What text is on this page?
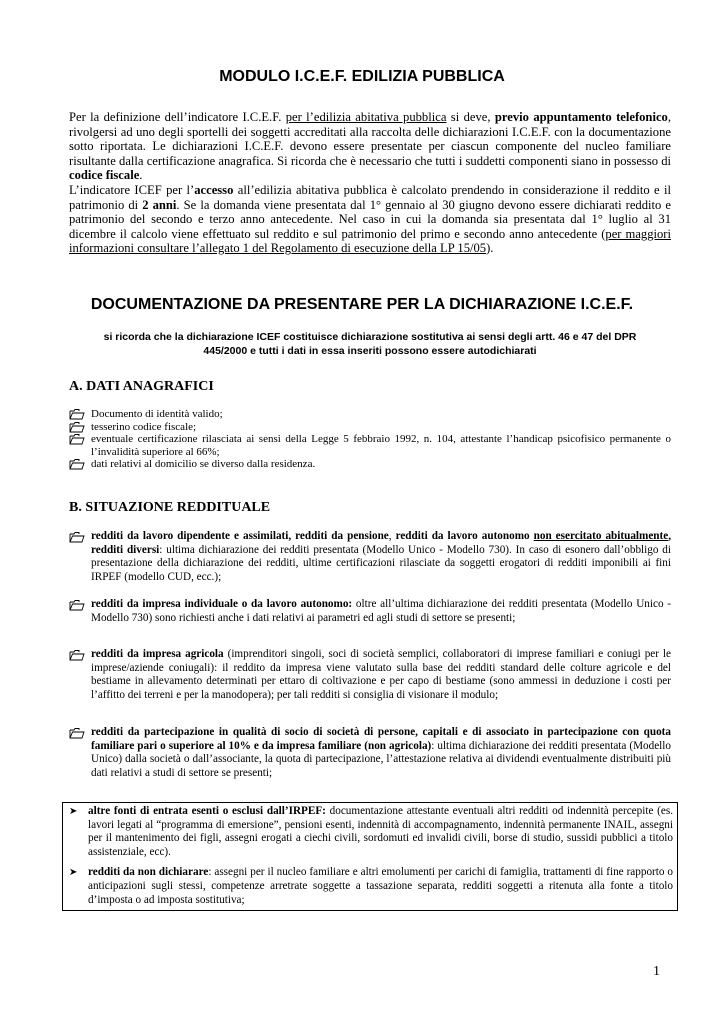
MODULO I.C.E.F. EDILIZIA PUBBLICA

Per la definizione dell’indicatore I.C.E.F. per l’edilizia abitativa pubblica si deve, previo appuntamento telefonico, rivolgersi ad uno degli sportelli dei soggetti accreditati alla raccolta delle dichiarazioni I.C.E.F. con la documentazione sotto riportata. Le dichiarazioni I.C.E.F. devono essere presentate per ciascun componente del nucleo familiare risultante dalla certificazione anagrafica. Si ricorda che è necessario che tutti i suddetti componenti siano in possesso di codice fiscale.

L’indicatore ICEF per l’accesso all’edilizia abitativa pubblica è calcolato prendendo in considerazione il reddito e il patrimonio di 2 anni. Se la domanda viene presentata dal 1° gennaio al 30 giugno devono essere dichiarati reddito e patrimonio del secondo e terzo anno antecedente. Nel caso in cui la domanda sia presentata dal 1° luglio al 31 dicembre il calcolo viene effettuato sul reddito e sul patrimonio del primo e secondo anno antecedente (per maggiori informazioni consultare l’allegato 1 del Regolamento di esecuzione della LP 15/05).

DOCUMENTAZIONE DA PRESENTARE PER LA DICHIARAZIONE I.C.E.F.
si ricorda che la dichiarazione ICEF costituisce dichiarazione sostitutiva ai sensi degli artt. 46 e 47 del DPR 445/2000 e tutti i dati in essa inseriti possono essere autodichiarati
A. DATI ANAGRAFICI
Documento di identità valido;
tesserino codice fiscale;
eventuale certificazione rilasciata ai sensi della Legge 5 febbraio 1992, n. 104, attestante l’handicap psicofisico permanente o l’invalidità superiore al 66%;
dati relativi al domicilio se diverso dalla residenza.
B. SITUAZIONE REDDITUALE
redditi da lavoro dipendente e assimilati, redditi da pensione, redditi da lavoro autonomo non esercitato abitualmente, redditi diversi: ultima dichiarazione dei redditi presentata (Modello Unico - Modello 730). In caso di esonero dall’obbligo di presentazione della dichiarazione dei redditi, ultime certificazioni rilasciate da soggetti erogatori di redditi imponibili ai fini IRPEF (modello CUD, ecc.);
redditi da impresa individuale o da lavoro autonomo: oltre all’ultima dichiarazione dei redditi presentata (Modello Unico - Modello 730) sono richiesti anche i dati relativi ai parametri ed agli studi di settore se presenti;
redditi da impresa agricola (imprenditori singoli, soci di società semplici, collaboratori di imprese familiari e coniugi per le imprese/aziende coniugali): il reddito da impresa viene valutato sulla base dei redditi standard delle colture agricole e del bestiame in allevamento determinati per ettaro di coltivazione e per capo di bestiame (sono ammessi in deduzione i costi per l’affitto dei terreni e per la manodopera); per tali redditi si consiglia di visionare il modulo;
redditi da partecipazione in qualità di socio di società di persone, capitali e di associato in partecipazione con quota familiare pari o superiore al 10% e da impresa familiare (non agricola): ultima dichiarazione dei redditi presentata (Modello Unico) dalla società o dall’associante, la quota di partecipazione, l’attestazione relativa ai dividendi eventualmente distribuiti più dati relativi a studi di settore se presenti;
➤ altre fonti di entrata esenti o esclusi dall’IRPEF: documentazione attestante eventuali altri redditi od indennità percepite (es. lavori legati al “programma di emersione”, pensioni esenti, indennità di accompagnamento, indennità permanente INAIL, assegni per il mantenimento dei figli, assegni erogati a ciechi civili, sordomuti ed invalidi civili, borse di studio, sussidi pubblici a titolo assistenziale, ecc).
➤ redditi da non dichiarare: assegni per il nucleo familiare e altri emolumenti per carichi di famiglia, trattamenti di fine rapporto o anticipazioni sugli stessi, competenze arretrate soggette a tassazione separata, redditi soggetti a ritenuta alla fonte a titolo d’imposta o ad imposta sostitutiva;
1
